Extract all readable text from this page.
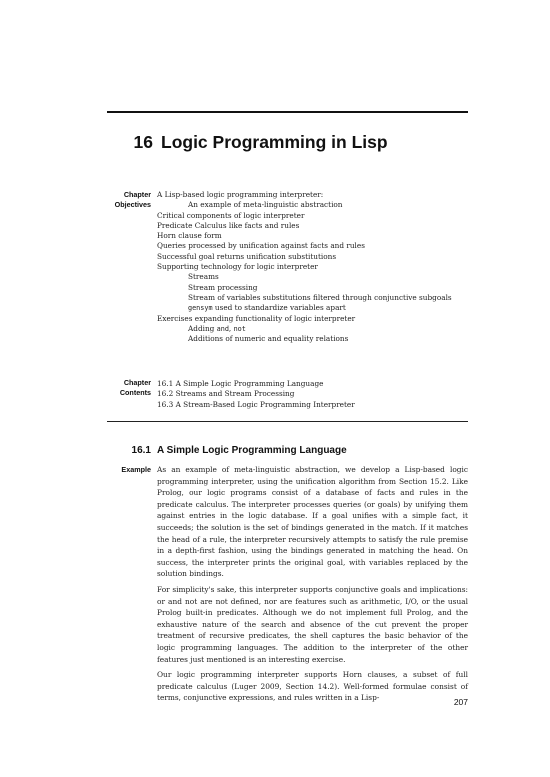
16 Logic Programming in Lisp
Chapter
Objectives
A Lisp-based logic programming interpreter:
An example of meta-linguistic abstraction
Critical components of logic interpreter
Predicate Calculus like facts and rules
Horn clause form
Queries processed by unification against facts and rules
Successful goal returns unification substitutions
Supporting technology for logic interpreter
Streams
Stream processing
Stream of variables substitutions filtered through conjunctive subgoals
gensym used to standardize variables apart
Exercises expanding functionality of logic interpreter
Adding and, not
Additions of numeric and equality relations
Chapter
Contents
16.1 A Simple Logic Programming Language
16.2 Streams and Stream Processing
16.3 A Stream-Based Logic Programming Interpreter
16.1 A Simple Logic Programming Language
Example As an example of meta-linguistic abstraction, we develop a Lisp-based logic programming interpreter, using the unification algorithm from Section 15.2. Like Prolog, our logic programs consist of a database of facts and rules in the predicate calculus. The interpreter processes queries (or goals) by unifying them against entries in the logic database. If a goal unifies with a simple fact, it succeeds; the solution is the set of bindings generated in the match. If it matches the head of a rule, the interpreter recursively attempts to satisfy the rule premise in a depth-first fashion, using the bindings generated in matching the head. On success, the interpreter prints the original goal, with variables replaced by the solution bindings.

For simplicity's sake, this interpreter supports conjunctive goals and implications: or and not are not defined, nor are features such as arithmetic, I/O, or the usual Prolog built-in predicates. Although we do not implement full Prolog, and the exhaustive nature of the search and absence of the cut prevent the proper treatment of recursive predicates, the shell captures the basic behavior of the logic programming languages. The addition to the interpreter of the other features just mentioned is an interesting exercise.

Our logic programming interpreter supports Horn clauses, a subset of full predicate calculus (Luger 2009, Section 14.2). Well-formed formulae consist of terms, conjunctive expressions, and rules written in a Lisp-	207
